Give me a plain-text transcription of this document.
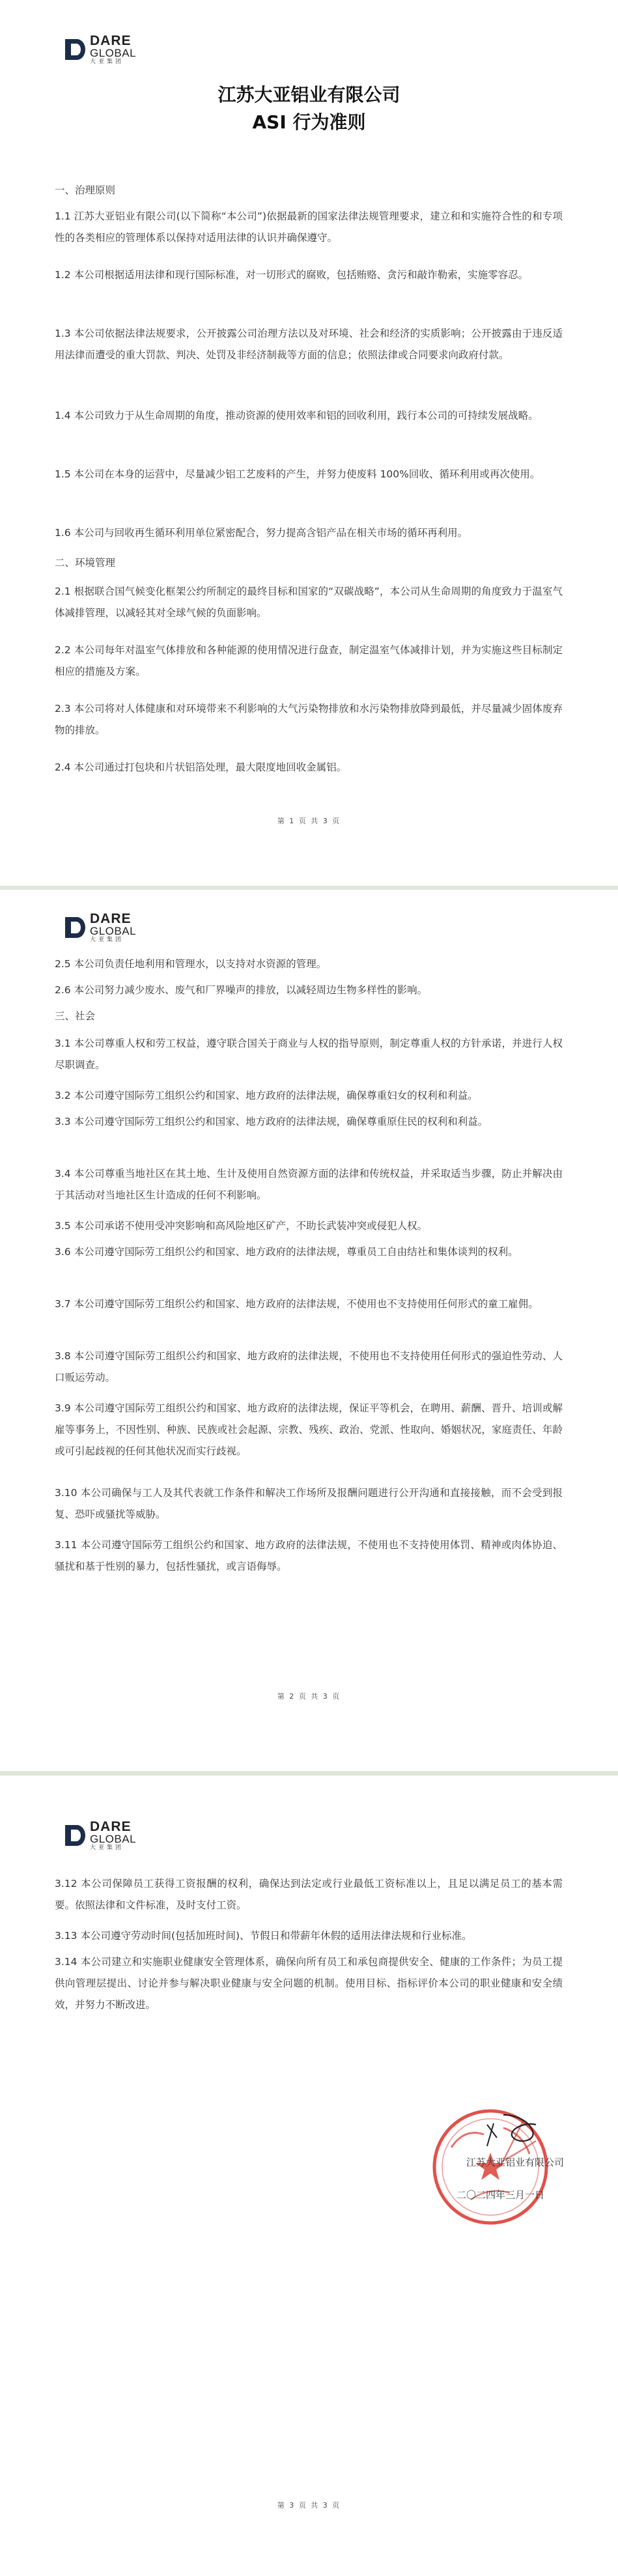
DARE
GLOBAL
大亚集团
江苏大亚铝业有限公司
ASI 行为准则
一、治理原则

1.1 江苏大亚铝业有限公司(以下简称“本公司”)依据最新的国家法律法规管理要求，建立和和实施符合性的和专项性的各类相应的管理体系以保持对适用法律的认识并确保遵守。

1.2 本公司根据适用法律和现行国际标准，对一切形式的腐败，包括贿赂、贪污和敲诈勒索，实施零容忍。

1.3 本公司依据法律法规要求，公开披露公司治理方法以及对环境、社会和经济的实质影响；公开披露由于违反适用法律而遭受的重大罚款、判决、处罚及非经济制裁等方面的信息；依照法律或合同要求向政府付款。

1.4 本公司致力于从生命周期的角度，推动资源的使用效率和铝的回收利用，践行本公司的可持续发展战略。

1.5 本公司在本身的运营中，尽量减少铝工艺废料的产生，并努力使废料 100%回收、循环利用或再次使用。

1.6 本公司与回收再生循环利用单位紧密配合，努力提高含铝产品在相关市场的循环再利用。

二、环境管理

2.1 根据联合国气候变化框架公约所制定的最终目标和国家的“双碳战略”，本公司从生命周期的角度致力于温室气体减排管理，以减轻其对全球气候的负面影响。

2.2 本公司每年对温室气体排放和各种能源的使用情况进行盘查，制定温室气体减排计划，并为实施这些目标制定相应的措施及方案。

2.3 本公司将对人体健康和对环境带来不利影响的大气污染物排放和水污染物排放降到最低，并尽量减少固体废弃物的排放。

2.4 本公司通过打包块和片状铝箔处理，最大限度地回收金属铝。

第 1 页 共 3 页
DARE
GLOBAL
大亚集团

2.5 本公司负责任地利用和管理水，以支持对水资源的管理。

2.6 本公司努力减少废水、废气和厂界噪声的排放，以减轻周边生物多样性的影响。

三、社会

3.1 本公司尊重人权和劳工权益，遵守联合国关于商业与人权的指导原则，制定尊重人权的方针承诺，并进行人权尽职调查。

3.2 本公司遵守国际劳工组织公约和国家、地方政府的法律法规，确保尊重妇女的权利和利益。

3.3 本公司遵守国际劳工组织公约和国家、地方政府的法律法规，确保尊重原住民的权利和利益。

3.4 本公司尊重当地社区在其土地、生计及使用自然资源方面的法律和传统权益，并采取适当步骤，防止并解决由于其活动对当地社区生计造成的任何不利影响。

3.5 本公司承诺不使用受冲突影响和高风险地区矿产，不助长武装冲突或侵犯人权。

3.6 本公司遵守国际劳工组织公约和国家、地方政府的法律法规，尊重员工自由结社和集体谈判的权利。

3.7 本公司遵守国际劳工组织公约和国家、地方政府的法律法规，不使用也不支持使用任何形式的童工雇佣。

3.8 本公司遵守国际劳工组织公约和国家、地方政府的法律法规，不使用也不支持使用任何形式的强迫性劳动、人口贩运劳动。

3.9 本公司遵守国际劳工组织公约和国家、地方政府的法律法规，保证平等机会，在聘用、薪酬、晋升、培训或解雇等事务上，不因性别、种族、民族或社会起源、宗教、残疾、政治、党派、性取向、婚姻状况，家庭责任、年龄或可引起歧视的任何其他状况而实行歧视。

3.10 本公司确保与工人及其代表就工作条件和解决工作场所及报酬问题进行公开沟通和直接接触，而不会受到报复、恐吓或骚扰等威胁。

3.11 本公司遵守国际劳工组织公约和国家、地方政府的法律法规，不使用也不支持使用体罚、精神或肉体协迫、骚扰和基于性别的暴力，包括性骚扰，或言语侮辱。

第 2 页 共 3 页
DARE
GLOBAL
大亚集团

3.12 本公司保障员工获得工资报酬的权利，确保达到法定或行业最低工资标准以上，且足以满足员工的基本需要。依照法律和文件标准，及时支付工资。

3.13 本公司遵守劳动时间(包括加班时间)、节假日和带薪年休假的适用法律法规和行业标准。

3.14 本公司建立和实施职业健康安全管理体系，确保向所有员工和承包商提供安全、健康的工作条件；为员工提供向管理层提出、讨论并参与解决职业健康与安全问题的机制。使用目标、指标评价本公司的职业健康和安全绩效，并努力不断改进。

江苏大亚铝业有限公司
二〇二四年三月一日
第 3 页 共 3 页
